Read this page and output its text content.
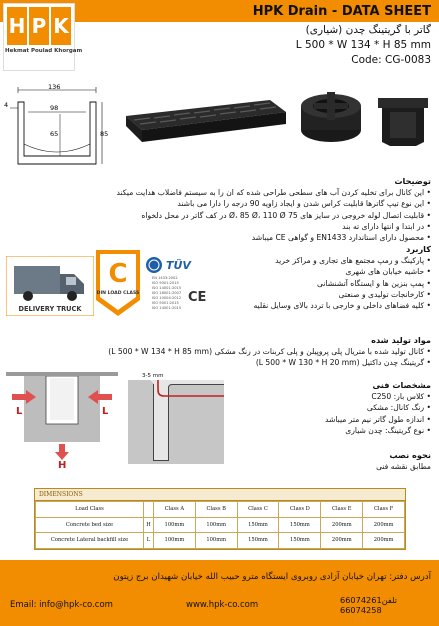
H P K
Hekmat Poulad Khorgam
HPK Drain - DATA SHEET
گاتر با گریتینگ چدن (شیاری)
L 500 * W 134 * H 85 mm
Code: CG-0083
136
98
4
65	85
توضیحات
• این کانال برای تخلیه کردن آب های سطحی طراحی شده که ان را به سیستم فاضلاب هدایت میکند
• این نوع تیپ گاترها قابلیت کراس شدن و ایجاد زاویه 90 درجه را دارا می باشند
• قابلیت اتصال لوله خروجی در سایز های 75 Ø، 85 Ø، 110 Ø در کف گاتر در محل دلخواه
• در ابتدا و انتها دارای ته بند
• محصول دارای استاندارد EN1433 و گواهی CE میباشد
کاربرد
• پارکینگ و رمپ مجتمع های تجاری و مراکز خرید
• حاشیه خیابان های شهری
• پمپ بنزین ها و ایستگاه آتشنشانی
• کارخانجات تولیدی و صنعتی
• کلیه فضاهای داخلی و خارجی با تردد بالای وسایل نقلیه
مواد تولید شده
• کانال تولید شده با متریال پلی پروپیلن و پلی کربنات در رنگ مشکی (L 500 * W 134 * H 85 mm)
• گریتینگ چدن داکتیل (L 500 * W 130 * H 20 mm)
مشخصات فنی
• کلاس بار: C250
• رنگ کانال: مشکی
• اندازه طول گاتر نیم متر میباشد
• نوع گریتینگ: چدن شیاری
نحوه نصب
مطابق نقشه فنی
DELIVERY TRUCK
C
DIN LOAD CLASS
TÜV
EN 1433:2002
ISO 9001:2015
ISO 14001:2015
ISO 18001:2007
ISO 10004:2012
ISO 9001:2015
ISO 14001:2015
CE
L	L
H
3-5 mm
DIMENSIONS
Load Class		Class A	Class B	Class C	Class D	Class E	Class F
Concrete bed size	H	100mm	100mm	150mm	150mm	200mm	200mm
Concrete Lateral backfill size	L	100mm	100mm	150mm	150mm	200mm	200mm
آدرس دفتر: تهران خیابان آزادی روبروی ایستگاه مترو حبیب الله خیابان شهیدان برج زیتون
Email: info@hpk-co.com	www.hpk-co.com	66074261تلفن
66074258
